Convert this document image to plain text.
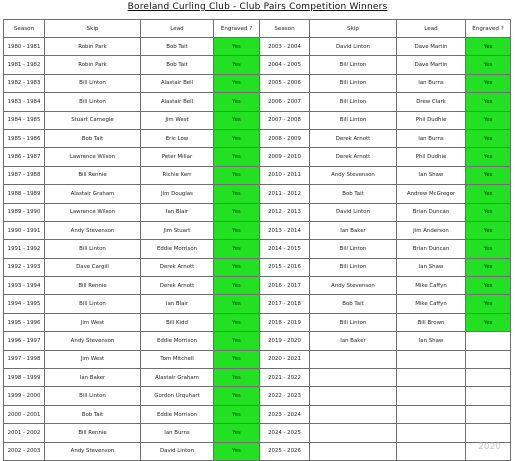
Boreland Curling Club - Club Pairs Competition Winners
Season	Skip	Lead	Engraved ?	Season	Skip	Lead	Engraved ?
1980 - 1981	Robin Park	Bob Tait	Yes	2003 - 2004	David Linton	Dave Martin	Yes
1981 - 1982	Robin Park	Bob Tait	Yes	2004 - 2005	Bill Linton	Dave Martin	Yes
1982 - 1983	Bill Linton	Alastair Bell	Yes	2005 - 2006	Bill Linton	Ian Burns	Yes
1983 - 1984	Bill Linton	Alastair Bell	Yes	2006 - 2007	Bill Linton	Drew Clark	Yes
1984 - 1985	Stuart Carnegie	Jim West	Yes	2007 - 2008	Bill Linton	Phil Dudhie	Yes
1985 - 1986	Bob Tait	Eric Low	Yes	2008 - 2009	Derek Arnott	Ian Burns	Yes
1986 - 1987	Lawrence Wilson	Peter Millar	Yes	2009 - 2010	Derek Arnott	Phil Dudhie	Yes
1987 - 1988	Bill Rennie	Richie Kerr	Yes	2010 - 2011	Andy Stevenson	Ian Shaw	Yes
1988 - 1989	Alastair Graham	Jim Douglas	Yes	2011 - 2012	Bob Tait	Andrew McGregor	Yes
1989 - 1990	Lawrence Wilson	Ian Blair	Yes	2012 - 2013	David Linton	Brian Duncan	Yes
1990 - 1991	Andy Stevenson	Jim Stuart	Yes	2013 - 2014	Ian Baker	Jim Anderson	Yes
1991 - 1992	Bill Linton	Eddie Morrison	Yes	2014 - 2015	Bill Linton	Brian Duncan	Yes
1992 - 1993	Dave Cargill	Derek Arnott	Yes	2015 - 2016	Bill Linton	Ian Shaw	Yes
1993 - 1994	Bill Rennie	Derek Arnott	Yes	2016 - 2017	Andy Stevenson	Mike Caffyn	Yes
1994 - 1995	Bill Linton	Ian Blair	Yes	2017 - 2018	Bob Tait	Mike Caffyn	Yes
1995 - 1996	Jim West	Bill Kidd	Yes	2018 - 2019	Bill Linton	Bill Brown	Yes
1996 - 1997	Andy Stevenson	Eddie Morrison	Yes	2019 - 2020	Ian Baker	Ian Shaw	
1997 - 1998	Jim West	Tom Mitchell	Yes	2020 - 2021			
1998 - 1999	Ian Baker	Alastair Graham	Yes	2021 - 2022			
1999 - 2000	Bill Linton	Gordon Urquhart	Yes	2022 - 2023			
2000 - 2001	Bob Tait	Eddie Morrison	Yes	2023 - 2024			
2001 - 2002	Bill Rennie	Ian Burns	Yes	2024 - 2025			
2002 - 2003	Andy Stevenson	David Linton	Yes	2025 - 2026				2020
